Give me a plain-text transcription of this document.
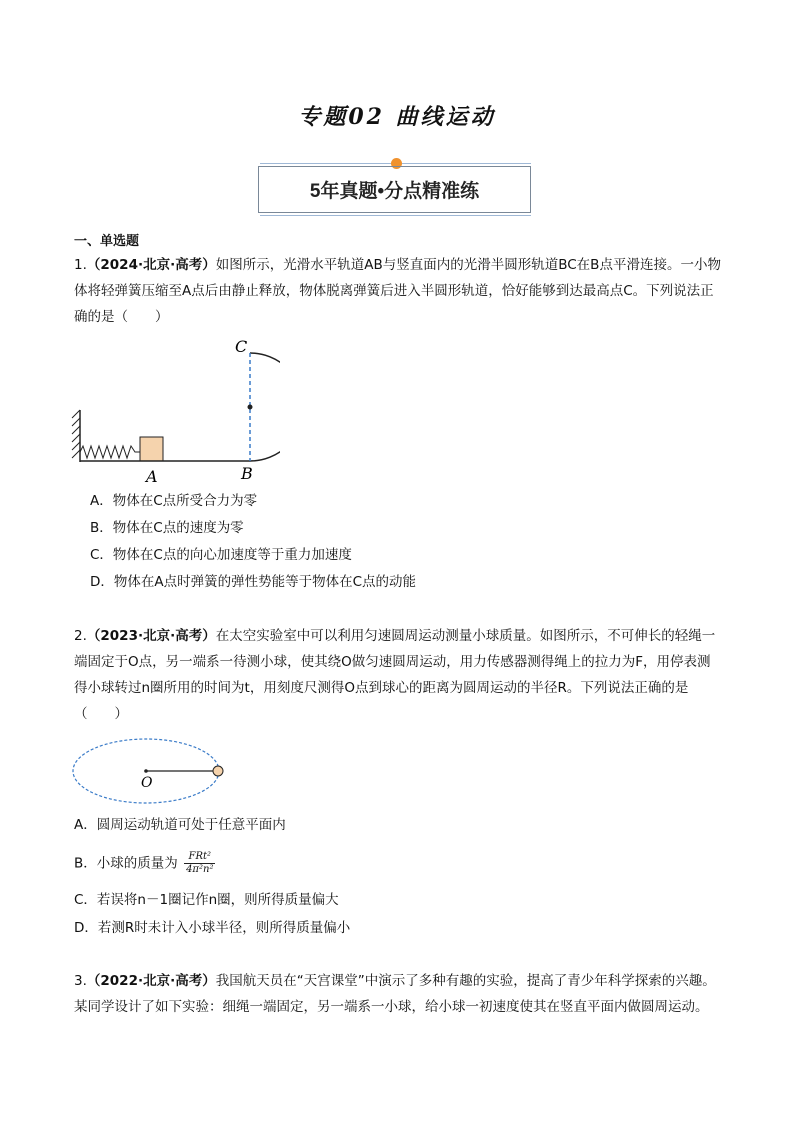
专题02 曲线运动
5年真题•分点精准练
一、单选题
1.（2024·北京·高考）如图所示，光滑水平轨道AB与竖直面内的光滑半圆形轨道BC在B点平滑连接。一小物体将轻弹簧压缩至A点后由静止释放，物体脱离弹簧后进入半圆形轨道，恰好能够到达最高点C。下列说法正确的是（　　）
A	B
C
A．物体在C点所受合力为零
B．物体在C点的速度为零
C．物体在C点的向心加速度等于重力加速度
D．物体在A点时弹簧的弹性势能等于物体在C点的动能
2.（2023·北京·高考）在太空实验室中可以利用匀速圆周运动测量小球质量。如图所示，不可伸长的轻绳一端固定于O点，另一端系一待测小球，使其绕O做匀速圆周运动，用力传感器测得绳上的拉力为F，用停表测得小球转过n圈所用的时间为t，用刻度尺测得O点到球心的距离为圆周运动的半径R。下列说法正确的是（　　）
O
A．圆周运动轨道可处于任意平面内
B．小球的质量为	FRt²
4π²n²
C．若误将n－1圈记作n圈，则所得质量偏大
D．若测R时未计入小球半径，则所得质量偏小
3.（2022·北京·高考）我国航天员在“天宫课堂”中演示了多种有趣的实验，提高了青少年科学探索的兴趣。某同学设计了如下实验：细绳一端固定，另一端系一小球，给小球一初速度使其在竖直平面内做圆周运动。
